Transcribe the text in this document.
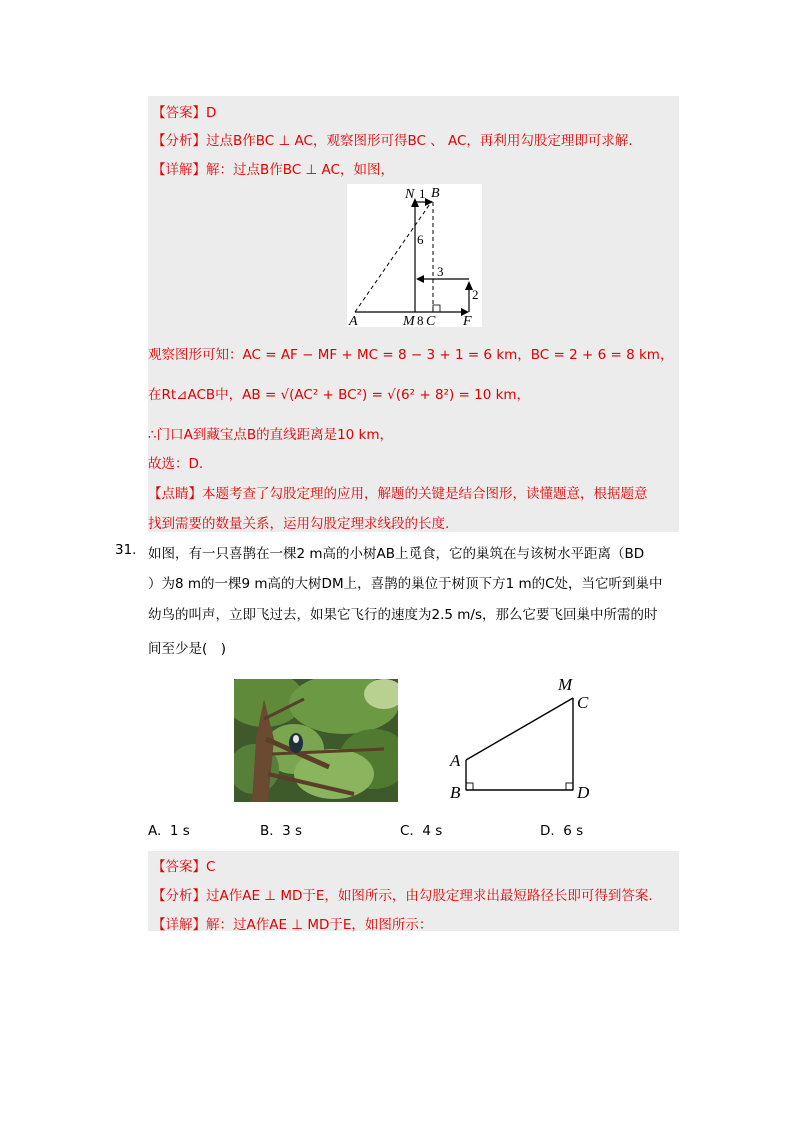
【答案】D
【分析】过点B作BC ⊥ AC，观察图形可得BC 、 AC，再利用勾股定理即可求解.
【详解】解：过点B作BC ⊥ AC，如图，
N 1 B
6
3
2
A	M 8 C F
观察图形可知：AC = AF − MF + MC = 8 − 3 + 1 = 6 km，BC = 2 + 6 = 8 km，
在Rt⊿ACB中，AB = √(AC² + BC²) = √(6² + 8²) = 10 km，
∴门口A到藏宝点B的直线距离是10 km，
故选：D.
【点睛】本题考查了勾股定理的应用，解题的关键是结合图形，读懂题意，根据题意
找到需要的数量关系，运用勾股定理求线段的长度.
31. 如图，有一只喜鹊在一棵2 m高的小树AB上觅食，它的巢筑在与该树水平距离（BD
）为8 m的一棵9 m高的大树DM上，喜鹊的巢位于树顶下方1 m的C处，当它听到巢中
幼鸟的叫声，立即飞过去，如果它飞行的速度为2.5 m/s，那么它要飞回巢中所需的时
间至少是(　)
M
C
A
B	D
A. 1 s	B. 3 s	C. 4 s	D. 6 s
【答案】C
【分析】过A作AE ⊥ MD于E，如图所示，由勾股定理求出最短路径长即可得到答案.
【详解】解：过A作AE ⊥ MD于E，如图所示：
